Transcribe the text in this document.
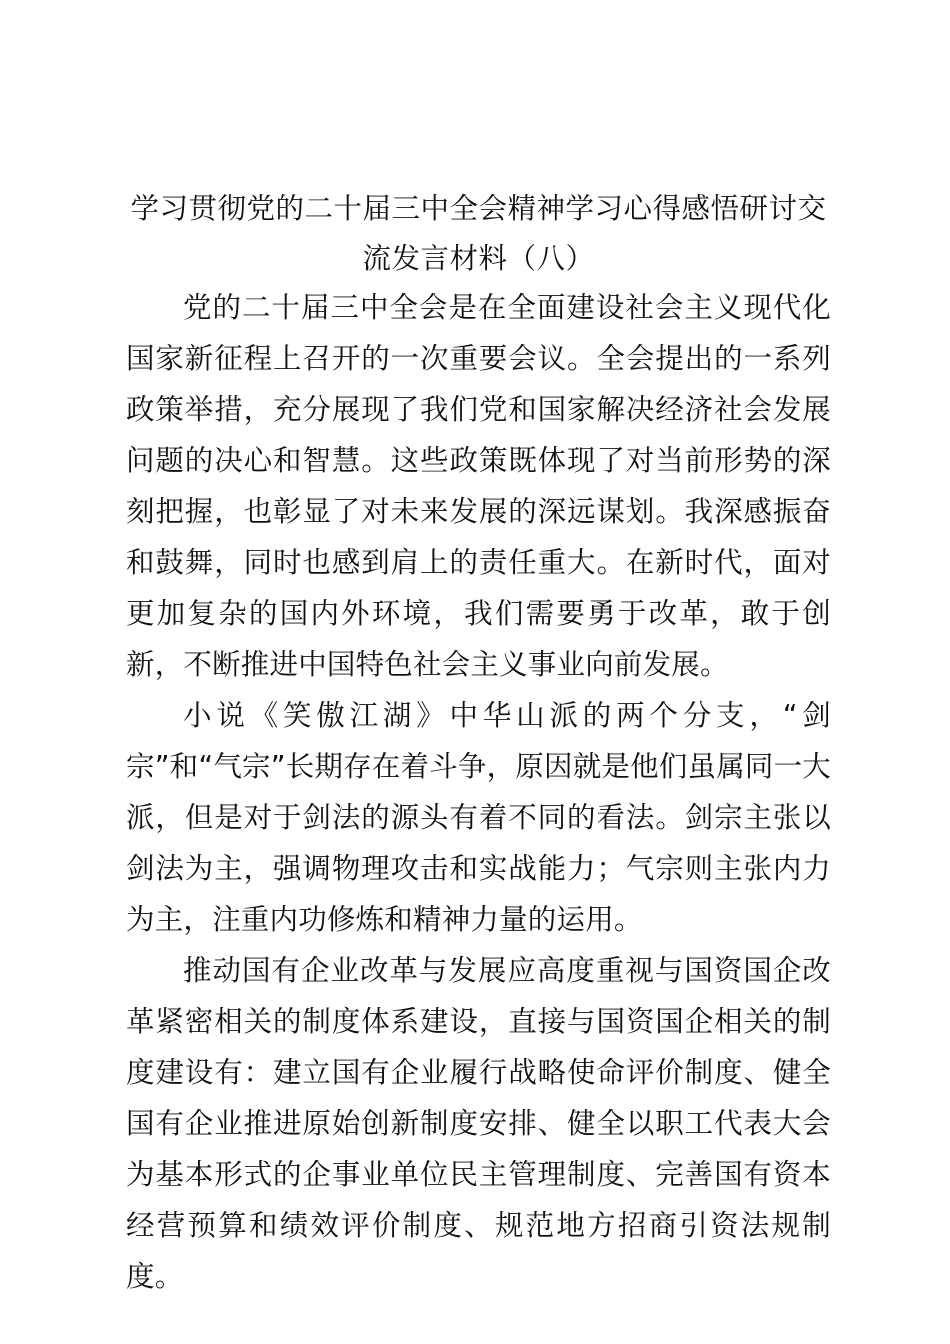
学习贯彻党的二十届三中全会精神学习心得感悟研讨交流发言材料（八）

党的二十届三中全会是在全面建设社会主义现代化国家新征程上召开的一次重要会议。全会提出的一系列政策举措，充分展现了我们党和国家解决经济社会发展问题的决心和智慧。这些政策既体现了对当前形势的深刻把握，也彰显了对未来发展的深远谋划。我深感振奋和鼓舞，同时也感到肩上的责任重大。在新时代，面对更加复杂的国内外环境，我们需要勇于改革，敢于创新，不断推进中国特色社会主义事业向前发展。

小说《笑傲江湖》中华山派的两个分支，“剑宗”和“气宗”长期存在着斗争，原因就是他们虽属同一大派，但是对于剑法的源头有着不同的看法。剑宗主张以剑法为主，强调物理攻击和实战能力；气宗则主张内力为主，注重内功修炼和精神力量的运用。

推动国有企业改革与发展应高度重视与国资国企改革紧密相关的制度体系建设，直接与国资国企相关的制度建设有：建立国有企业履行战略使命评价制度、健全国有企业推进原始创新制度安排、健全以职工代表大会为基本形式的企事业单位民主管理制度、完善国有资本经营预算和绩效评价制度、规范地方招商引资法规制度。
